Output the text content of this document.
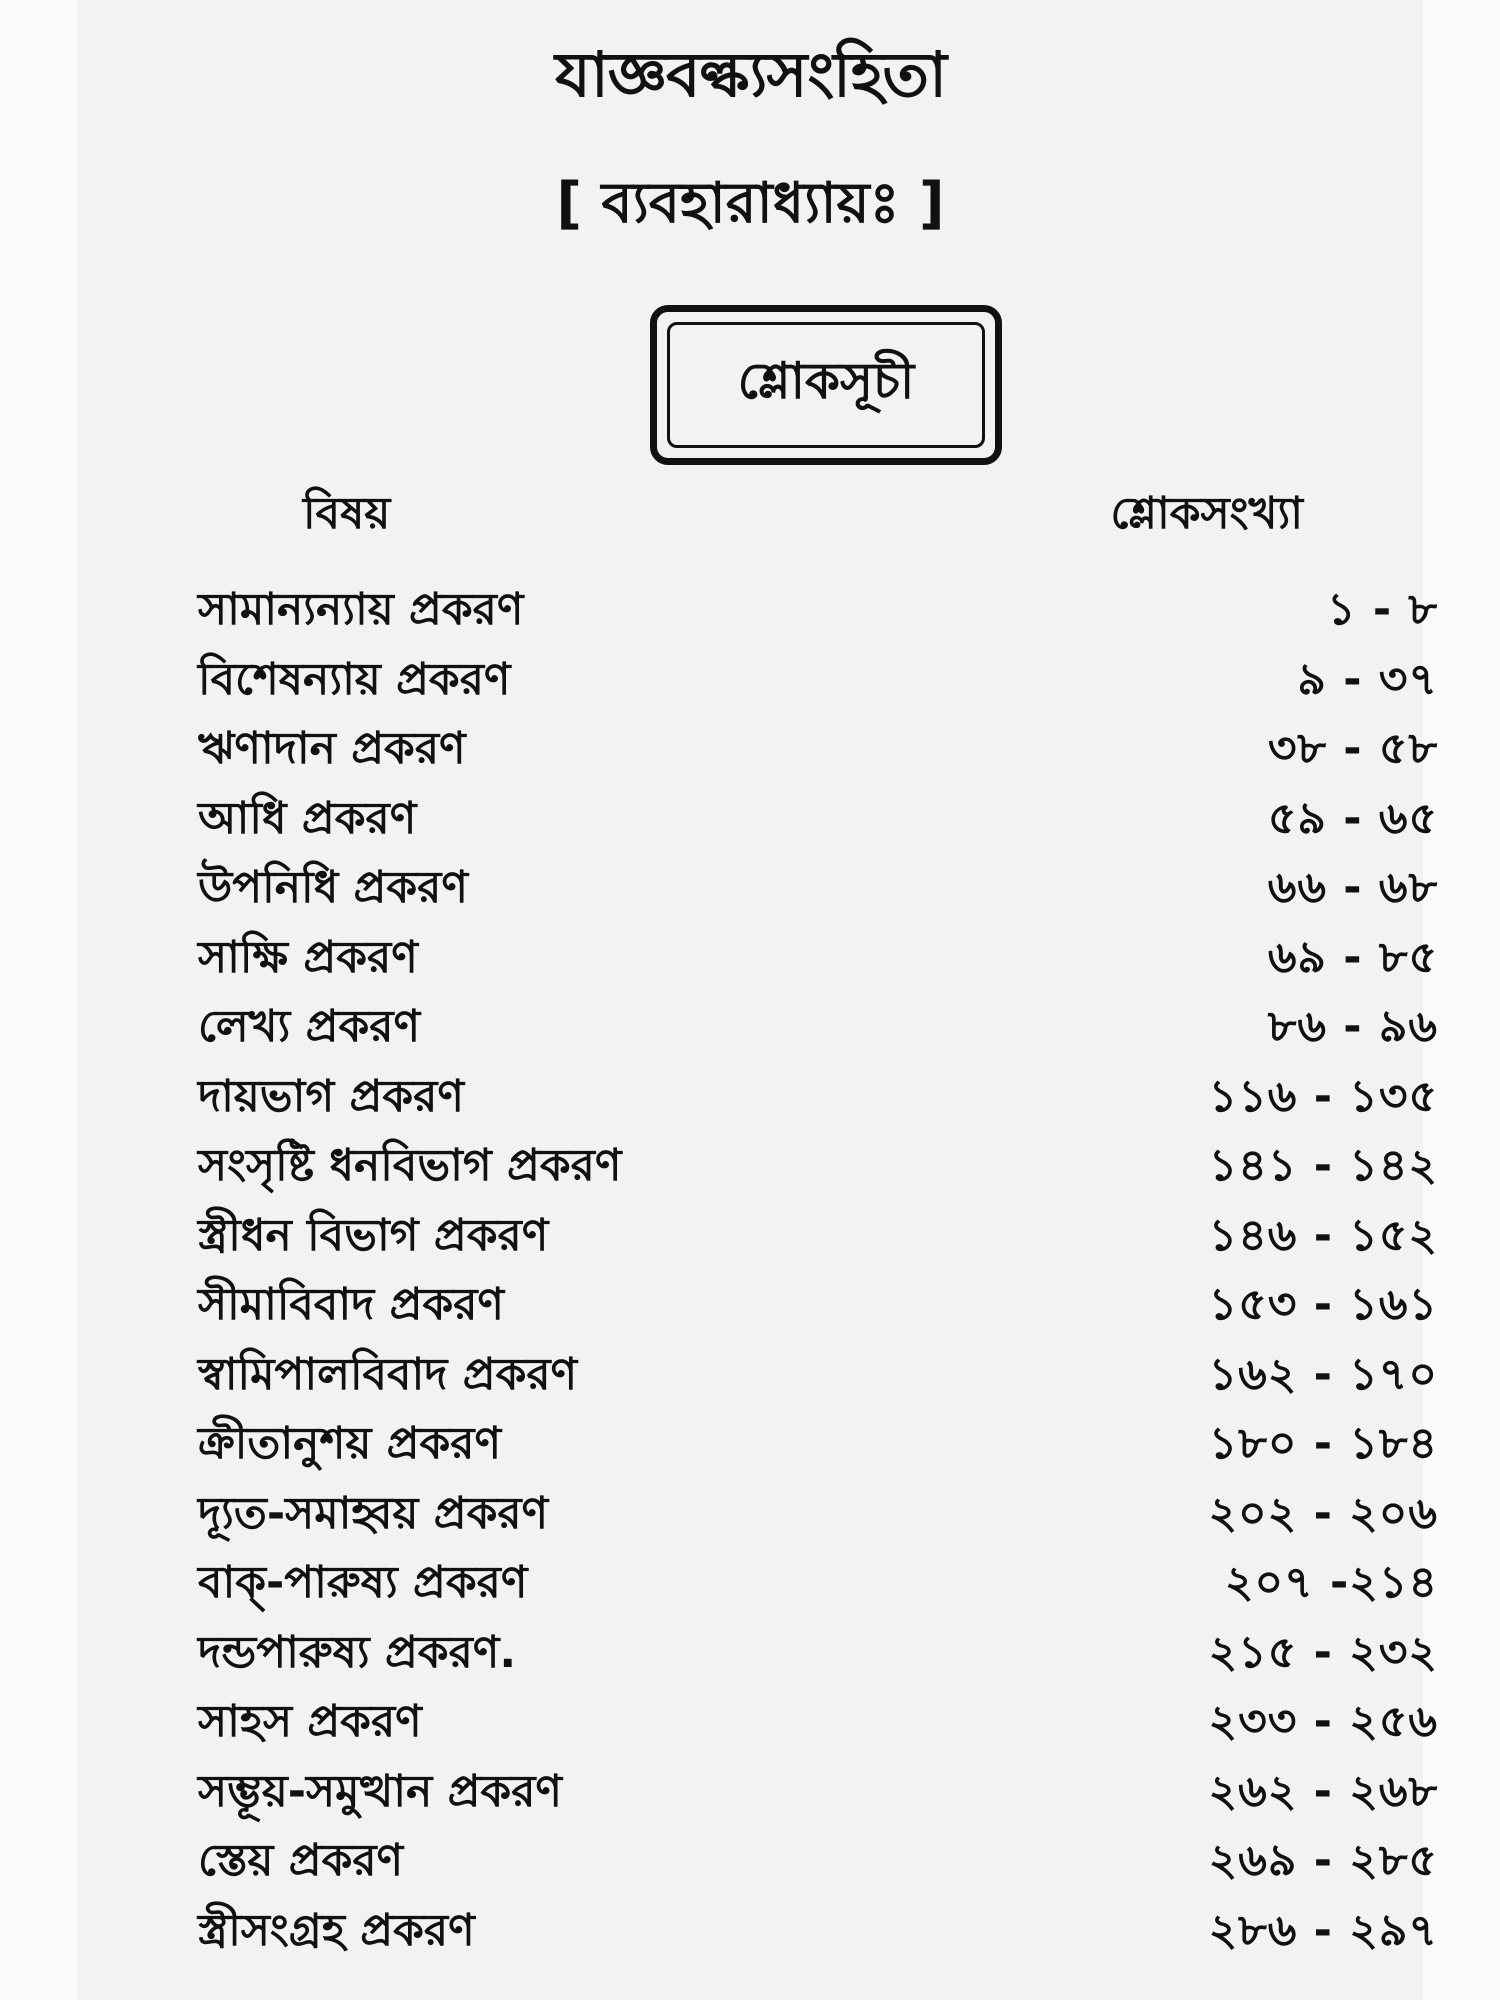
যাজ্ঞবল্ক্যসংহিতা
[ ব্যবহারাধ্যায়ঃ ]
শ্লোকসূচী
বিষয়	শ্লোকসংখ্যা
সামান্যন্যায় প্রকরণ	১ - ৮
বিশেষন্যায় প্রকরণ	৯ - ৩৭
ঋণাদান প্রকরণ	৩৮ - ৫৮
আধি প্রকরণ	৫৯ - ৬৫
উপনিধি প্রকরণ	৬৬ - ৬৮
সাক্ষি প্রকরণ	৬৯ - ৮৫
লেখ্য প্রকরণ	৮৬ - ৯৬
দায়ভাগ প্রকরণ	১১৬ - ১৩৫
সংসৃষ্টি ধনবিভাগ প্রকরণ	১৪১ - ১৪২
স্ত্রীধন বিভাগ প্রকরণ	১৪৬ - ১৫২
সীমাবিবাদ প্রকরণ	১৫৩ - ১৬১
স্বামিপালবিবাদ প্রকরণ	১৬২ - ১৭০
ক্রীতানুশয় প্রকরণ	১৮০ - ১৮৪
দ্যূত-সমাহ্বয় প্রকরণ	২০২ - ২০৬
বাক্-পারুষ্য প্রকরণ	২০৭ -২১৪
দন্ডপারুষ্য প্রকরণ.	২১৫ - ২৩২
সাহস প্রকরণ	২৩৩ - ২৫৬
সম্ভূয়-সমুত্থান প্রকরণ	২৬২ - ২৬৮
স্তেয় প্রকরণ	২৬৯ - ২৮৫
স্ত্রীসংগ্রহ প্রকরণ	২৮৬ - ২৯৭
